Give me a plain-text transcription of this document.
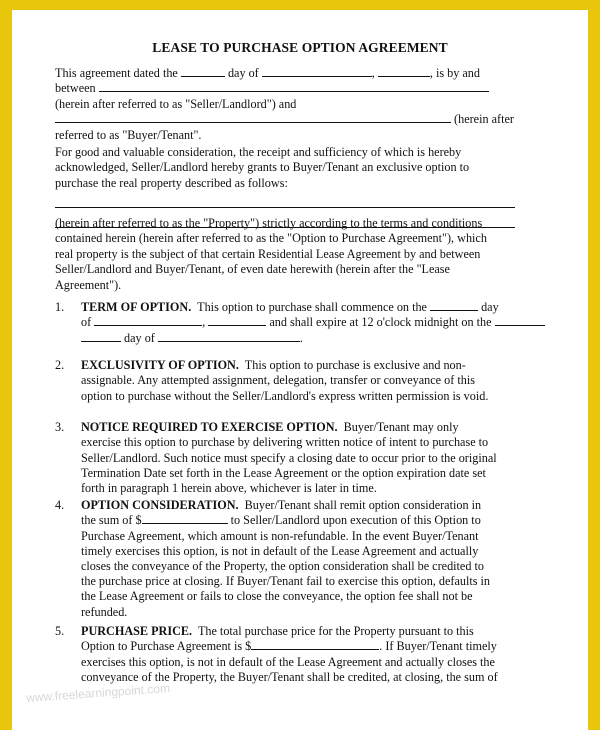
LEASE TO PURCHASE OPTION AGREEMENT
This agreement dated the	day of	,	, is by and
between
(herein after referred to as "Seller/Landlord") and
(herein after
referred to as "Buyer/Tenant".
For good and valuable consideration, the receipt and sufficiency of which is hereby
acknowledged, Seller/Landlord hereby grants to Buyer/Tenant an exclusive option to
purchase the real property described as follows:
(herein after referred to as the "Property") strictly according to the terms and conditions
contained herein (herein after referred to as the "Option to Purchase Agreement"), which
real property is the subject of that certain Residential Lease Agreement by and between
Seller/Landlord and Buyer/Tenant, of even date herewith (herein after the "Lease
Agreement").
1. TERM OF OPTION. This option to purchase shall commence on the	day
of	,	and shall expire at 12 o'clock midnight on the
day of	.
2. EXCLUSIVITY OF OPTION. This option to purchase is exclusive and non-
assignable. Any attempted assignment, delegation, transfer or conveyance of this
option to purchase without the Seller/Landlord's express written permission is void.
3. NOTICE REQUIRED TO EXERCISE OPTION. Buyer/Tenant may only
exercise this option to purchase by delivering written notice of intent to purchase to
Seller/Landlord. Such notice must specify a closing date to occur prior to the original
Termination Date set forth in the Lease Agreement or the option expiration date set
forth in paragraph 1 herein above, whichever is later in time.
4. OPTION CONSIDERATION. Buyer/Tenant shall remit option consideration in
the sum of $	to Seller/Landlord upon execution of this Option to
Purchase Agreement, which amount is non-refundable. In the event Buyer/Tenant
timely exercises this option, is not in default of the Lease Agreement and actually
closes the conveyance of the Property, the option consideration shall be credited to
the purchase price at closing. If Buyer/Tenant fail to exercise this option, defaults in
the Lease Agreement or fails to close the conveyance, the option fee shall not be
refunded.
5. PURCHASE PRICE. The total purchase price for the Property pursuant to this
Option to Purchase Agreement is $	. If Buyer/Tenant timely
exercises this option, is not in default of the Lease Agreement and actually closes the
conveyance of the Property, the Buyer/Tenant shall be credited, at closing, the sum of
www.freelearningpoint.com
